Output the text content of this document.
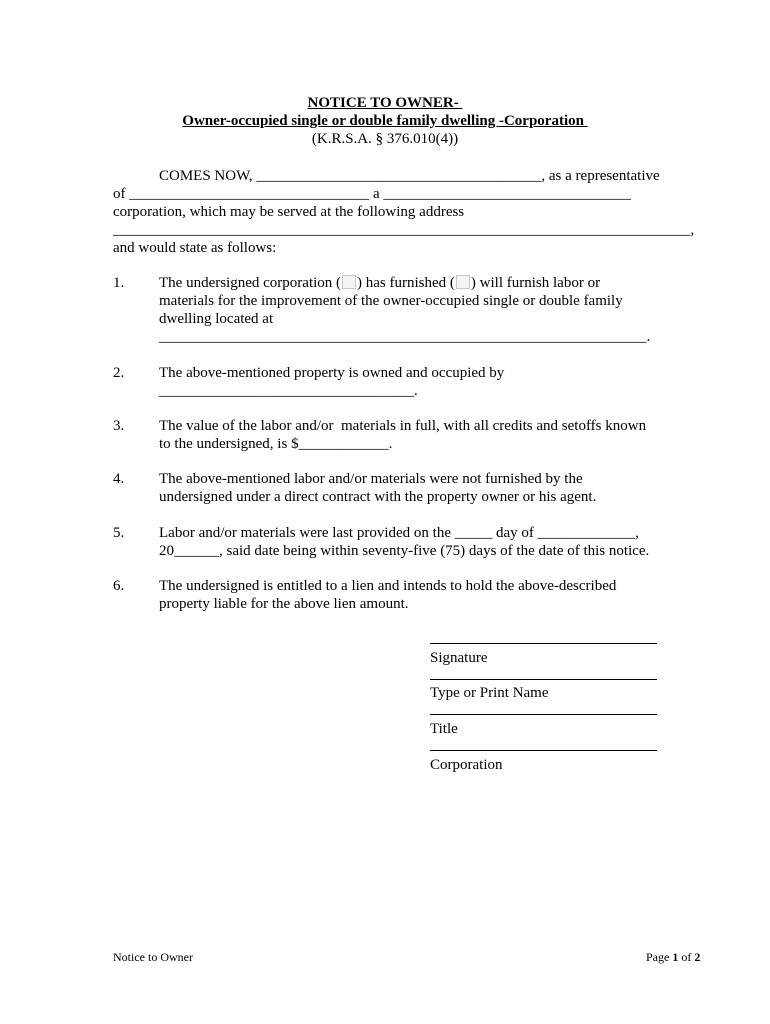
NOTICE TO OWNER-
Owner-occupied single or double family dwelling -Corporation
(K.R.S.A. § 376.010(4))
COMES NOW, ______________________________________, as a representative
of ________________________________ a _________________________________
corporation, which may be served at the following address
_____________________________________________________________________________,
and would state as follows:
1. The undersigned corporation ( ) has furnished ( ) will furnish labor or
materials for the improvement of the owner-occupied single or double family
dwelling located at
_________________________________________________________________.
2. The above-mentioned property is owned and occupied by
__________________________________.
3. The value of the labor and/or  materials in full, with all credits and setoffs known
to the undersigned, is $____________.
4. The above-mentioned labor and/or materials were not furnished by the
undersigned under a direct contract with the property owner or his agent.
5. Labor and/or materials were last provided on the _____ day of _____________,
20______, said date being within seventy-five (75) days of the date of this notice.
6. The undersigned is entitled to a lien and intends to hold the above-described
property liable for the above lien amount.
Signature
Type or Print Name
Title
Corporation
Notice to Owner	Page 1 of 2
